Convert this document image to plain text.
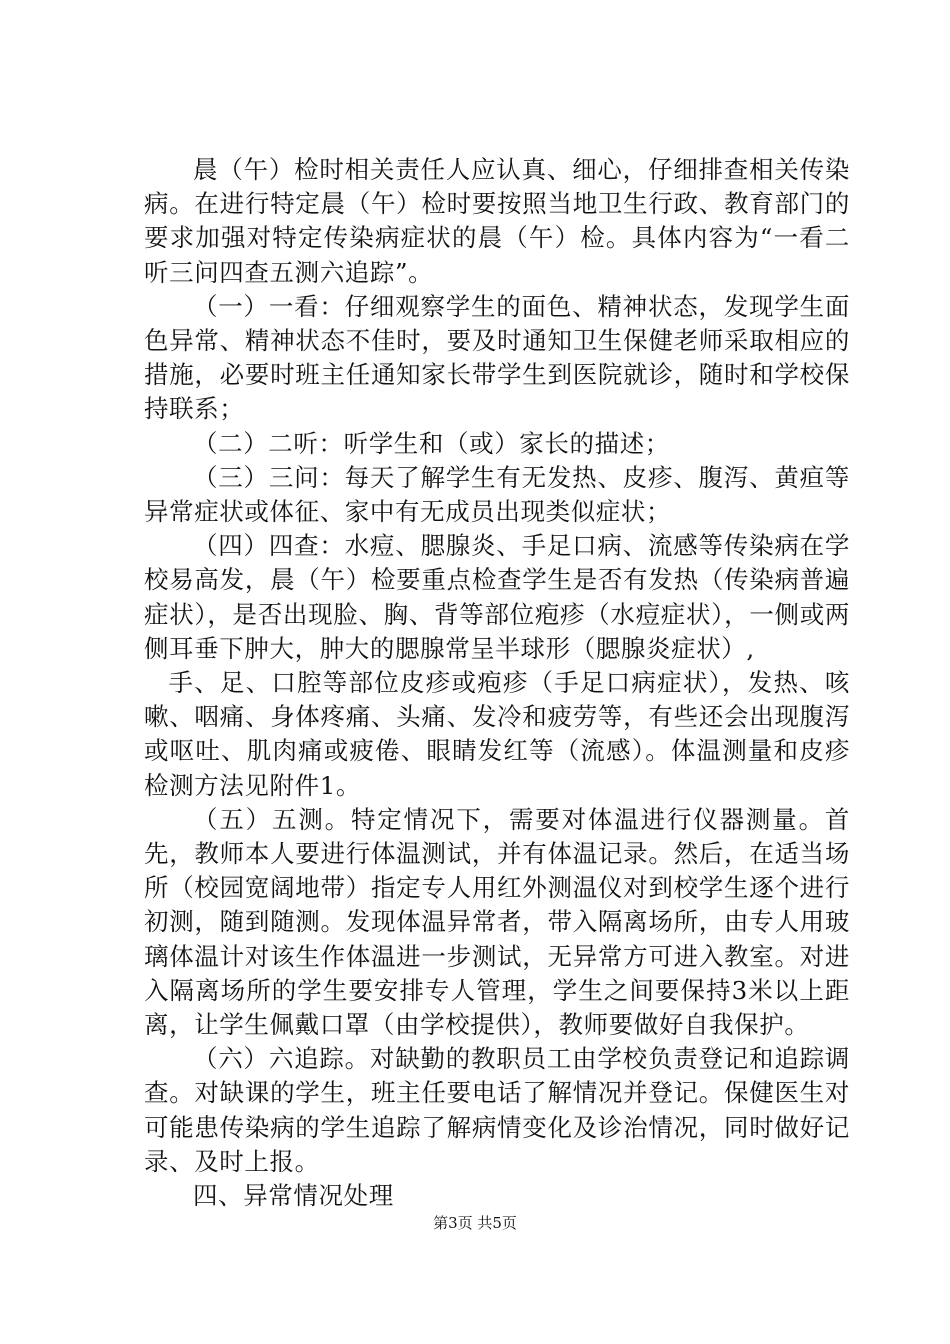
晨（午）检时相关责任人应认真、细心，仔细排查相关传染病。在进行特定晨（午）检时要按照当地卫生行政、教育部门的要求加强对特定传染病症状的晨（午）检。具体内容为“一看二听三问四查五测六追踪”。

（一）一看：仔细观察学生的面色、精神状态，发现学生面色异常、精神状态不佳时，要及时通知卫生保健老师采取相应的措施，必要时班主任通知家长带学生到医院就诊，随时和学校保持联系；

（二）二听：听学生和（或）家长的描述；

（三）三问：每天了解学生有无发热、皮疹、腹泻、黄疸等异常症状或体征、家中有无成员出现类似症状；

（四）四查：水痘、腮腺炎、手足口病、流感等传染病在学校易高发，晨（午）检要重点检查学生是否有发热（传染病普遍症状），是否出现脸、胸、背等部位疱疹（水痘症状），一侧或两侧耳垂下肿大，肿大的腮腺常呈半球形（腮腺炎症状）,

手、足、口腔等部位皮疹或疱疹（手足口病症状），发热、咳嗽、咽痛、身体疼痛、头痛、发冷和疲劳等，有些还会出现腹泻或呕吐、肌肉痛或疲倦、眼睛发红等（流感）。体温测量和皮疹检测方法见附件1。

（五）五测。特定情况下，需要对体温进行仪器测量。首先，教师本人要进行体温测试，并有体温记录。然后，在适当场所（校园宽阔地带）指定专人用红外测温仪对到校学生逐个进行初测，随到随测。发现体温异常者，带入隔离场所，由专人用玻璃体温计对该生作体温进一步测试，无异常方可进入教室。对进入隔离场所的学生要安排专人管理，学生之间要保持3米以上距离，让学生佩戴口罩（由学校提供），教师要做好自我保护。

（六）六追踪。对缺勤的教职员工由学校负责登记和追踪调查。对缺课的学生，班主任要电话了解情况并登记。保健医生对可能患传染病的学生追踪了解病情变化及诊治情况，同时做好记录、及时上报。

四、异常情况处理

第3页 共5页
